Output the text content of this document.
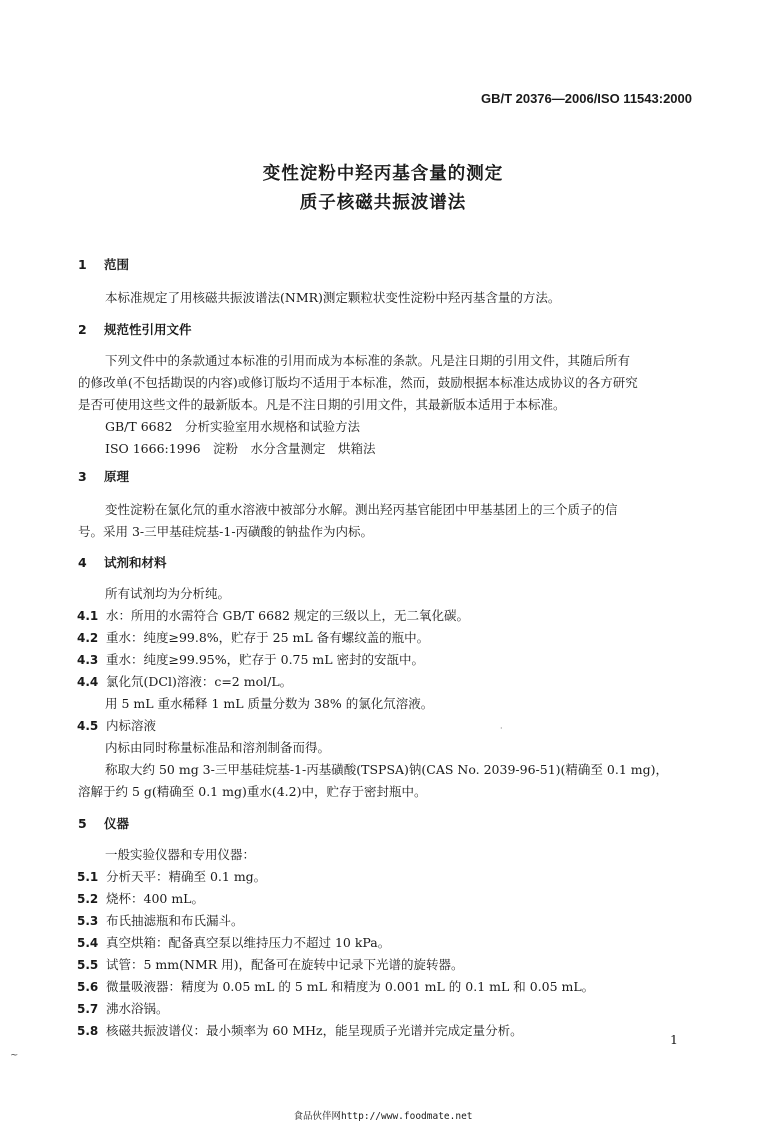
GB/T 20376—2006/ISO 11543:2000
变性淀粉中羟丙基含量的测定
质子核磁共振波谱法
1 范围
本标准规定了用核磁共振波谱法(NMR)测定颗粒状变性淀粉中羟丙基含量的方法。
2 规范性引用文件
下列文件中的条款通过本标准的引用而成为本标准的条款。凡是注日期的引用文件，其随后所有
的修改单(不包括勘误的内容)或修订版均不适用于本标准，然而，鼓励根据本标准达成协议的各方研究
是否可使用这些文件的最新版本。凡是不注日期的引用文件，其最新版本适用于本标准。
GB/T 6682　分析实验室用水规格和试验方法
ISO 1666:1996　淀粉　水分含量测定　烘箱法
3 原理
变性淀粉在氯化氘的重水溶液中被部分水解。测出羟丙基官能团中甲基基团上的三个质子的信
号。采用 3-三甲基硅烷基-1-丙磺酸的钠盐作为内标。
4 试剂和材料
所有试剂均为分析纯。
4.1 水：所用的水需符合 GB/T 6682 规定的三级以上，无二氧化碳。
4.2 重水：纯度≥99.8%，贮存于 25 mL 备有螺纹盖的瓶中。
4.3 重水：纯度≥99.95%，贮存于 0.75 mL 密封的安瓿中。
4.4 氯化氘(DCl)溶液：c=2 mol/L。
用 5 mL 重水稀释 1 mL 质量分数为 38% 的氯化氘溶液。
·
4.5 内标溶液
内标由同时称量标准品和溶剂制备而得。
称取大约 50 mg 3-三甲基硅烷基-1-丙基磺酸(TSPSA)钠(CAS No. 2039-96-51)(精确至 0.1 mg)，
溶解于约 5 g(精确至 0.1 mg)重水(4.2)中，贮存于密封瓶中。
5 仪器
一般实验仪器和专用仪器：
5.1 分析天平：精确至 0.1 mg。
5.2 烧杯：400 mL。
5.3 布氏抽滤瓶和布氏漏斗。
5.4 真空烘箱：配备真空泵以维持压力不超过 10 kPa。
5.5 试管：5 mm(NMR 用)，配备可在旋转中记录下光谱的旋转器。
5.6 微量吸液器：精度为 0.05 mL 的 5 mL 和精度为 0.001 mL 的 0.1 mL 和 0.05 mL。
5.7 沸水浴锅。
5.8 核磁共振波谱仪：最小频率为 60 MHz，能呈现质子光谱并完成定量分析。
1
~
食品伙伴网http://www.foodmate.net
